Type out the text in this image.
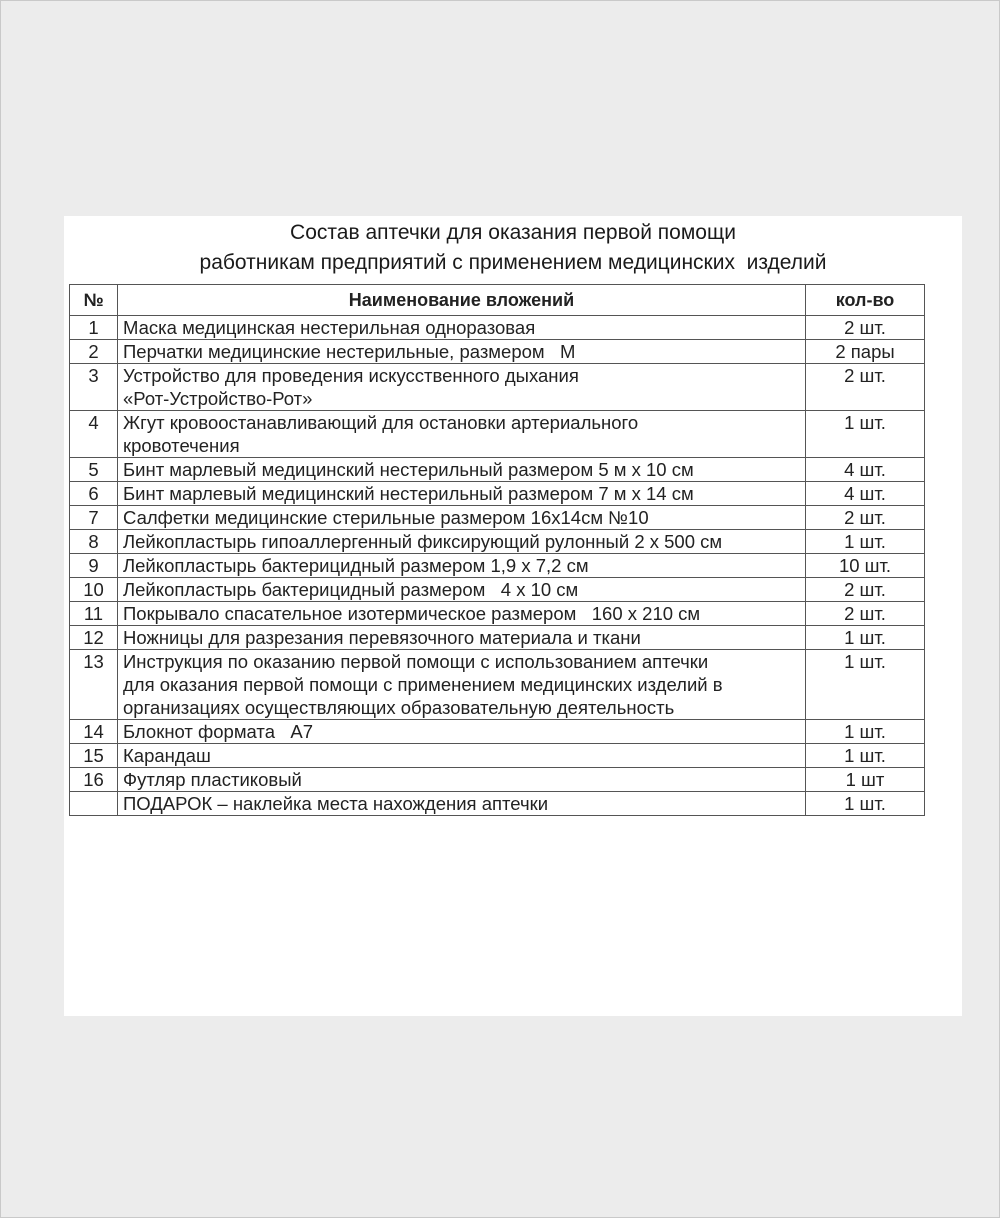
Состав аптечки для оказания первой помощи
работникам предприятий с применением медицинских  изделий
№	Наименование вложений	кол-во
1	Маска медицинская нестерильная одноразовая	2 шт.
2	Перчатки медицинские нестерильные, размером   М	2 пары
3	Устройство для проведения искусственного дыхания
«Рот-Устройство-Рот»	2 шт.
4	Жгут кровоостанавливающий для остановки артериального
кровотечения	1 шт.
5	Бинт марлевый медицинский нестерильный размером 5 м х 10 см	4 шт.
6	Бинт марлевый медицинский нестерильный размером 7 м х 14 см	4 шт.
7	Салфетки медицинские стерильные размером 16х14см №10	2 шт.
8	Лейкопластырь гипоаллергенный фиксирующий рулонный 2 х 500 см	1 шт.
9	Лейкопластырь бактерицидный размером 1,9 х 7,2 см	10 шт.
10	Лейкопластырь бактерицидный размером   4 х 10 см	2 шт.
11	Покрывало спасательное изотермическое размером   160 х 210 см	2 шт.
12	Ножницы для разрезания перевязочного материала и ткани	1 шт.
13	Инструкция по оказанию первой помощи с использованием аптечки
для оказания первой помощи с применением медицинских изделий в
организациях осуществляющих образовательную деятельность	1 шт.
14	Блокнот формата   А7	1 шт.
15	Карандаш	1 шт.
16	Футляр пластиковый	1 шт
	ПОДАРОК – наклейка места нахождения аптечки	1 шт.
